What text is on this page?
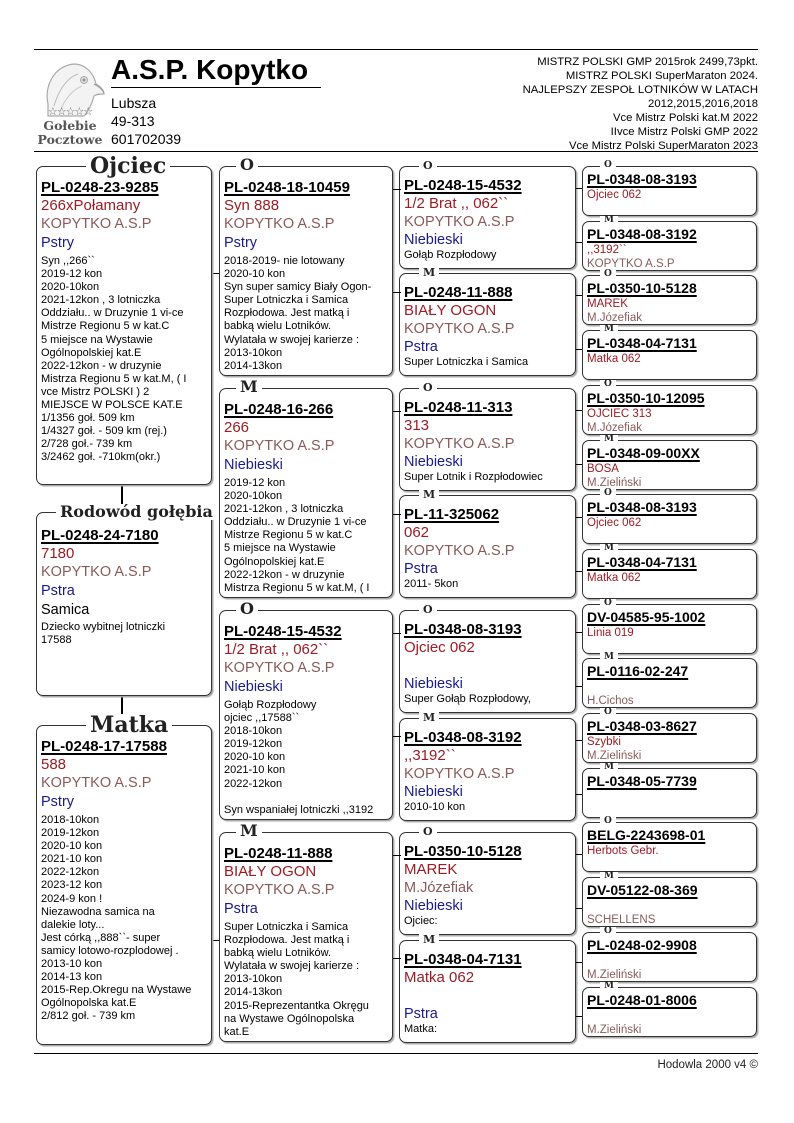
☆☆☆☆☆
Gołebie
Pocztowe
A.S.P. Kopytko
Lubsza
49-313
601702039
MISTRZ POLSKI GMP 2015rok 2499,73pkt.
MISTRZ POLSKI SuperMaraton 2024.
NAJLEPSZY ZESPOŁ LOTNIKÓW W LATACH
2012,2015,2016,2018
Vce Mistrz Polski kat.M 2022
IIvce Mistrz Polski GMP 2022
Vce Mistrz Polski SuperMaraton 2023
PL-0248-23-9285
266xPołamany
KOPYTKO A.S.P
Pstry
Syn ,,266``
2019-12 kon
2020-10kon
2021-12kon , 3 lotniczka
Oddziału.. w Druzynie 1 vi-ce
Mistrze Regionu 5 w kat.C
5 miejsce na Wystawie
Ogólnopolskiej kat.E
2022-12kon - w druzynie
Mistrza Regionu 5 w kat.M, ( I
vce Mistrz POLSKI ) 2
MIEJSCE W POLSCE KAT.E
1/1356 goł. 509 km
1/4327 goł. - 509 km (rej.)
2/728 goł.- 739 km
3/2462 goł. -710km(okr.)
Ojciec
PL-0248-24-7180
7180
KOPYTKO A.S.P
Pstra
Samica
Dziecko wybitnej lotniczki
17588
Rodowód gołębia
PL-0248-17-17588
588
KOPYTKO A.S.P
Pstry
2018-10kon
2019-12kon
2020-10 kon
2021-10 kon
2022-12kon
2023-12 kon
2024-9 kon !
Niezawodna samica na
dalekie loty...
Jest córką ,,888``- super
samicy lotowo-rozplodowej .
2013-10 kon
2014-13 kon
2015-Rep.Okregu na Wystawe
Ogólnopolska kat.E
2/812 goł. - 739 km
Matka
PL-0248-18-10459
Syn 888
KOPYTKO A.S.P
Pstry
2018-2019- nie lotowany
2020-10 kon
Syn super samicy Biały Ogon-
Super Lotniczka i Samica
Rozpłodowa. Jest matką i
babką wielu Lotników.
Wylatała w swojej karierze :
2013-10kon
2014-13kon
O
PL-0248-16-266
266
KOPYTKO A.S.P
Niebieski
2019-12 kon
2020-10kon
2021-12kon , 3 lotniczka
Oddziału.. w Druzynie 1 vi-ce
Mistrze Regionu 5 w kat.C
5 miejsce na Wystawie
Ogólnopolskiej kat.E
2022-12kon - w druzynie
Mistrza Regionu 5 w kat.M, ( I
M
PL-0248-15-4532
1/2 Brat ,, 062``
KOPYTKO A.S.P
Niebieski
Gołąb Rozpłodowy
ojciec ,,17588``
2018-10kon
2019-12kon
2020-10 kon
2021-10 kon
2022-12kon

Syn wspaniałej lotniczki ,,3192
O
PL-0248-11-888
BIAŁY OGON
KOPYTKO A.S.P
Pstra
Super Lotniczka i Samica
Rozpłodowa. Jest matką i
babką wielu Lotników.
Wylatała w swojej karierze :
2013-10kon
2014-13kon
2015-Reprezentantka Okręgu
na Wystawe Ogólnopolska
kat.E
M
PL-0248-15-4532
1/2 Brat ,, 062``
KOPYTKO A.S.P
Niebieski
Gołąb Rozpłodowy
O
PL-0248-11-888
BIAŁY OGON
KOPYTKO A.S.P
Pstra
Super Lotniczka i Samica
M
PL-0248-11-313
313
KOPYTKO A.S.P
Niebieski
Super Lotnik i Rozpłodowiec
O
PL-11-325062
062
KOPYTKO A.S.P
Pstra
2011- 5kon
M
PL-0348-08-3193
Ojciec 062
Niebieski
Super Gołąb Rozpłodowy,
O
PL-0348-08-3192
,,3192``
KOPYTKO A.S.P
Niebieski
2010-10 kon
M
PL-0350-10-5128
MAREK
M.Józefiak
Niebieski
Ojciec:
O
PL-0348-04-7131
Matka 062
Pstra
Matka:
M
PL-0348-08-3193
Ojciec 062
O
PL-0348-08-3192
,,3192``
KOPYTKO A.S.P
M
PL-0350-10-5128
MAREK
M.Józefiak
O
PL-0348-04-7131
Matka 062
M
PL-0350-10-12095
OJCIEC 313
M.Józefiak
O
PL-0348-09-00XX
BOSA
M.Zieliński
M
PL-0348-08-3193
Ojciec 062
O
PL-0348-04-7131
Matka 062
M
DV-04585-95-1002
Linia 019
O
PL-0116-02-247
H.Cichos
M
PL-0348-03-8627
Szybki
M.Zieliński
O
PL-0348-05-7739
M
BELG-2243698-01
Herbots Gebr.
O
DV-05122-08-369
SCHELLENS
M
PL-0248-02-9908
M.Zieliński
O
PL-0248-01-8006
M.Zieliński
M
Hodowla 2000 v4 ©
